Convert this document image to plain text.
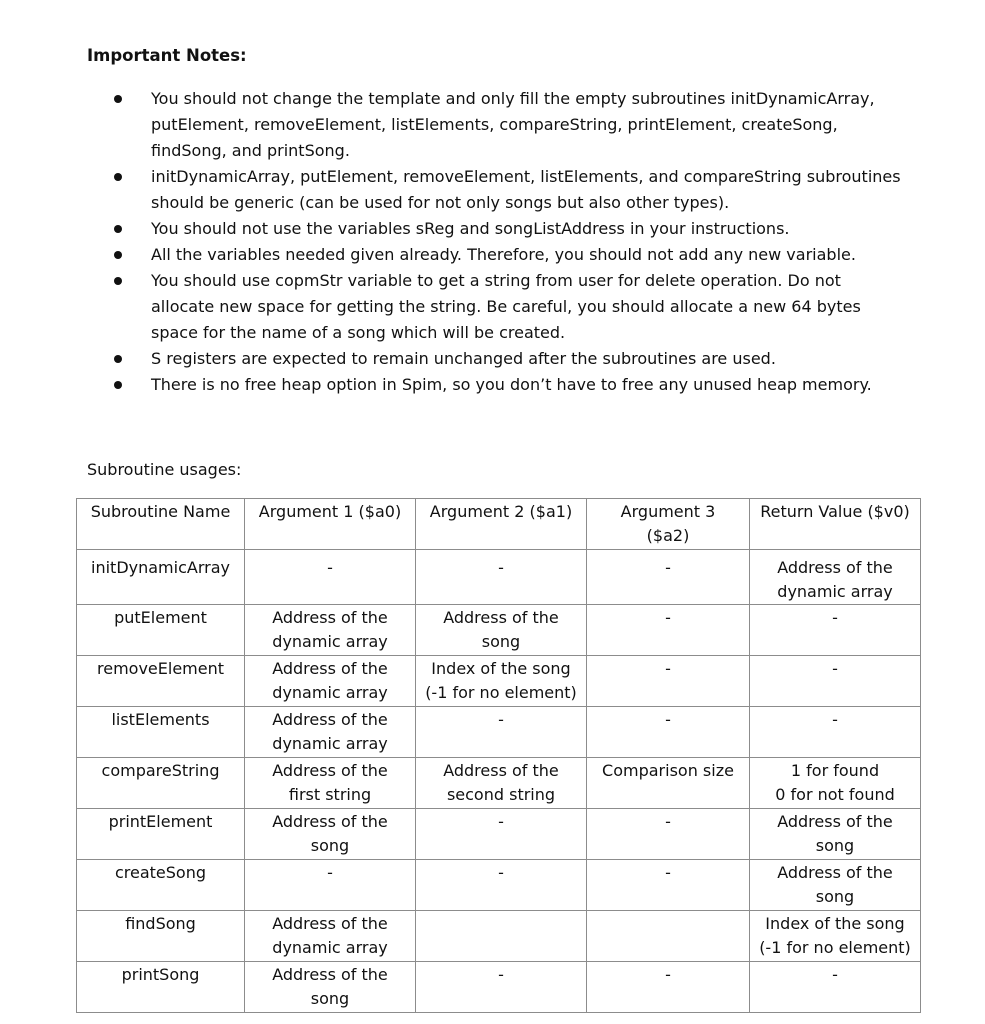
Important Notes:
You should not change the template and only fill the empty subroutines initDynamicArray,
putElement, removeElement, listElements, compareString, printElement, createSong,
findSong, and printSong.
initDynamicArray, putElement, removeElement, listElements, and compareString subroutines
should be generic (can be used for not only songs but also other types).
You should not use the variables sReg and songListAddress in your instructions.
All the variables needed given already. Therefore, you should not add any new variable.
You should use copmStr variable to get a string from user for delete operation. Do not
allocate new space for getting the string. Be careful, you should allocate a new 64 bytes
space for the name of a song which will be created.
S registers are expected to remain unchanged after the subroutines are used.
There is no free heap option in Spim, so you don’t have to free any unused heap memory.
Subroutine usages:
Subroutine Name	Argument 1 ($a0)	Argument 2 ($a1)	Argument 3
($a2)	Return Value ($v0)

initDynamicArray	-	-	-	Address of the
dynamic array

putElement	Address of the
dynamic array	Address of the
song	-	-

removeElement	Address of the
dynamic array	Index of the song
(-1 for no element)	-	-

listElements	Address of the
dynamic array	-	-	-

compareString	Address of the
first string	Address of the
second string	Comparison size	1 for found
0 for not found

printElement	Address of the
song	-	-	Address of the
song

createSong	-	-	-	Address of the
song

findSong	Address of the
dynamic array			Index of the song
(-1 for no element)

printSong	Address of the
song	-	-	-
